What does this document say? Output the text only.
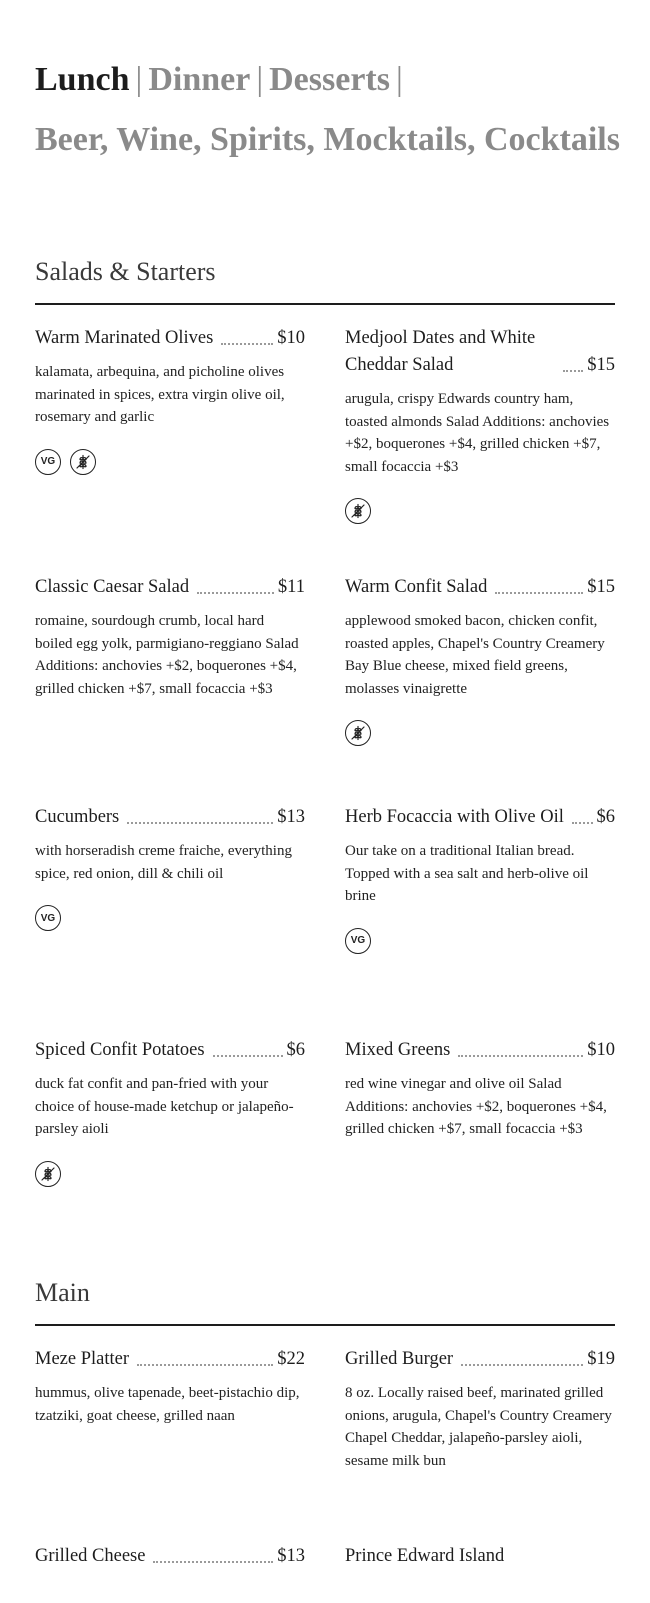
Lunch | Dinner | Desserts |
Beer, Wine, Spirits, Mocktails, Cocktails
Salads & Starters
Warm Marinated Olives	$10
kalamata, arbequina, and picholine olives marinated in spices, extra virgin olive oil, rosemary and garlic
VG
Medjool Dates and White Cheddar Salad	$15
arugula, crispy Edwards country ham, toasted almonds Salad Additions: anchovies +$2, boquerones +$4, grilled chicken +$7, small focaccia +$3
Classic Caesar Salad	$11
romaine, sourdough crumb, local hard boiled egg yolk, parmigiano-reggiano Salad Additions: anchovies +$2, boquerones +$4, grilled chicken +$7, small focaccia +$3
Warm Confit Salad	$15
applewood smoked bacon, chicken confit, roasted apples, Chapel's Country Creamery Bay Blue cheese, mixed field greens, molasses vinaigrette
Cucumbers	$13
with horseradish creme fraiche, everything spice, red onion, dill & chili oil
VG
Herb Focaccia with Olive Oil $6
Our take on a traditional Italian bread. Topped with a sea salt and herb-olive oil brine
VG
Spiced Confit Potatoes	$6
duck fat confit and pan-fried with your choice of house-made ketchup or jalapeño-parsley aioli
Mixed Greens	$10
red wine vinegar and olive oil Salad Additions: anchovies +$2, boquerones +$4, grilled chicken +$7, small focaccia +$3
Main
Meze Platter	$22
hummus, olive tapenade, beet-pistachio dip, tzatziki, goat cheese, grilled naan
Grilled Burger	$19
8 oz. Locally raised beef, marinated grilled onions, arugula, Chapel's Country Creamery Chapel Cheddar, jalapeño-parsley aioli, sesame milk bun
Grilled Cheese	$13 Prince Edward Island
